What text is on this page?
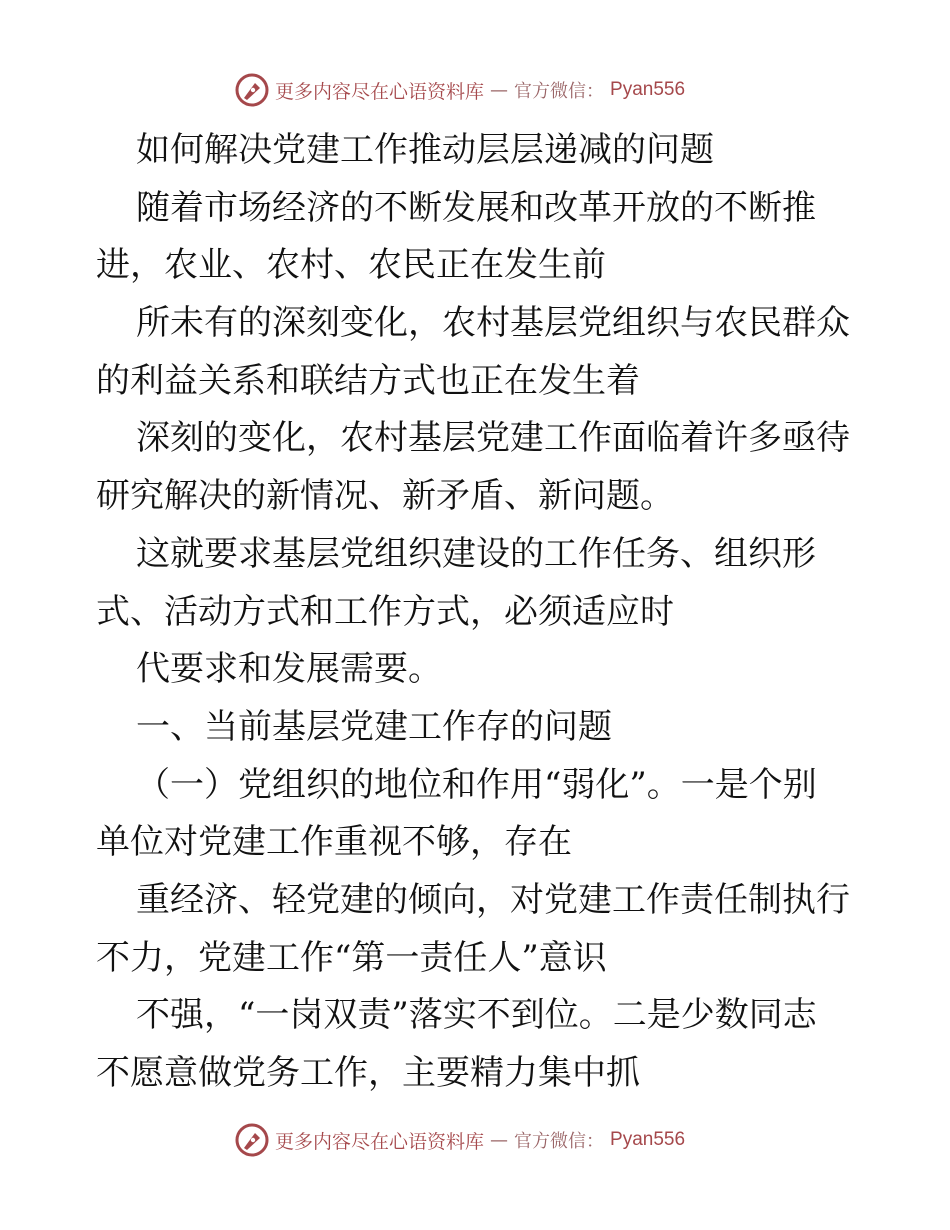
更多内容尽在心语资料库 — 官方微信： Pyan556
如何解决党建工作推动层层递减的问题
随着市场经济的不断发展和改革开放的不断推
进，农业、农村、农民正在发生前
所未有的深刻变化，农村基层党组织与农民群众
的利益关系和联结方式也正在发生着
深刻的变化，农村基层党建工作面临着许多亟待
研究解决的新情况、新矛盾、新问题。
这就要求基层党组织建设的工作任务、组织形
式、活动方式和工作方式，必须适应时
代要求和发展需要。
一、当前基层党建工作存的问题
（一）党组织的地位和作用“弱化”。一是个别
单位对党建工作重视不够，存在
重经济、轻党建的倾向，对党建工作责任制执行
不力，党建工作“第一责任人”意识
不强，“一岗双责”落实不到位。二是少数同志
不愿意做党务工作，主要精力集中抓
更多内容尽在心语资料库 — 官方微信： Pyan556
